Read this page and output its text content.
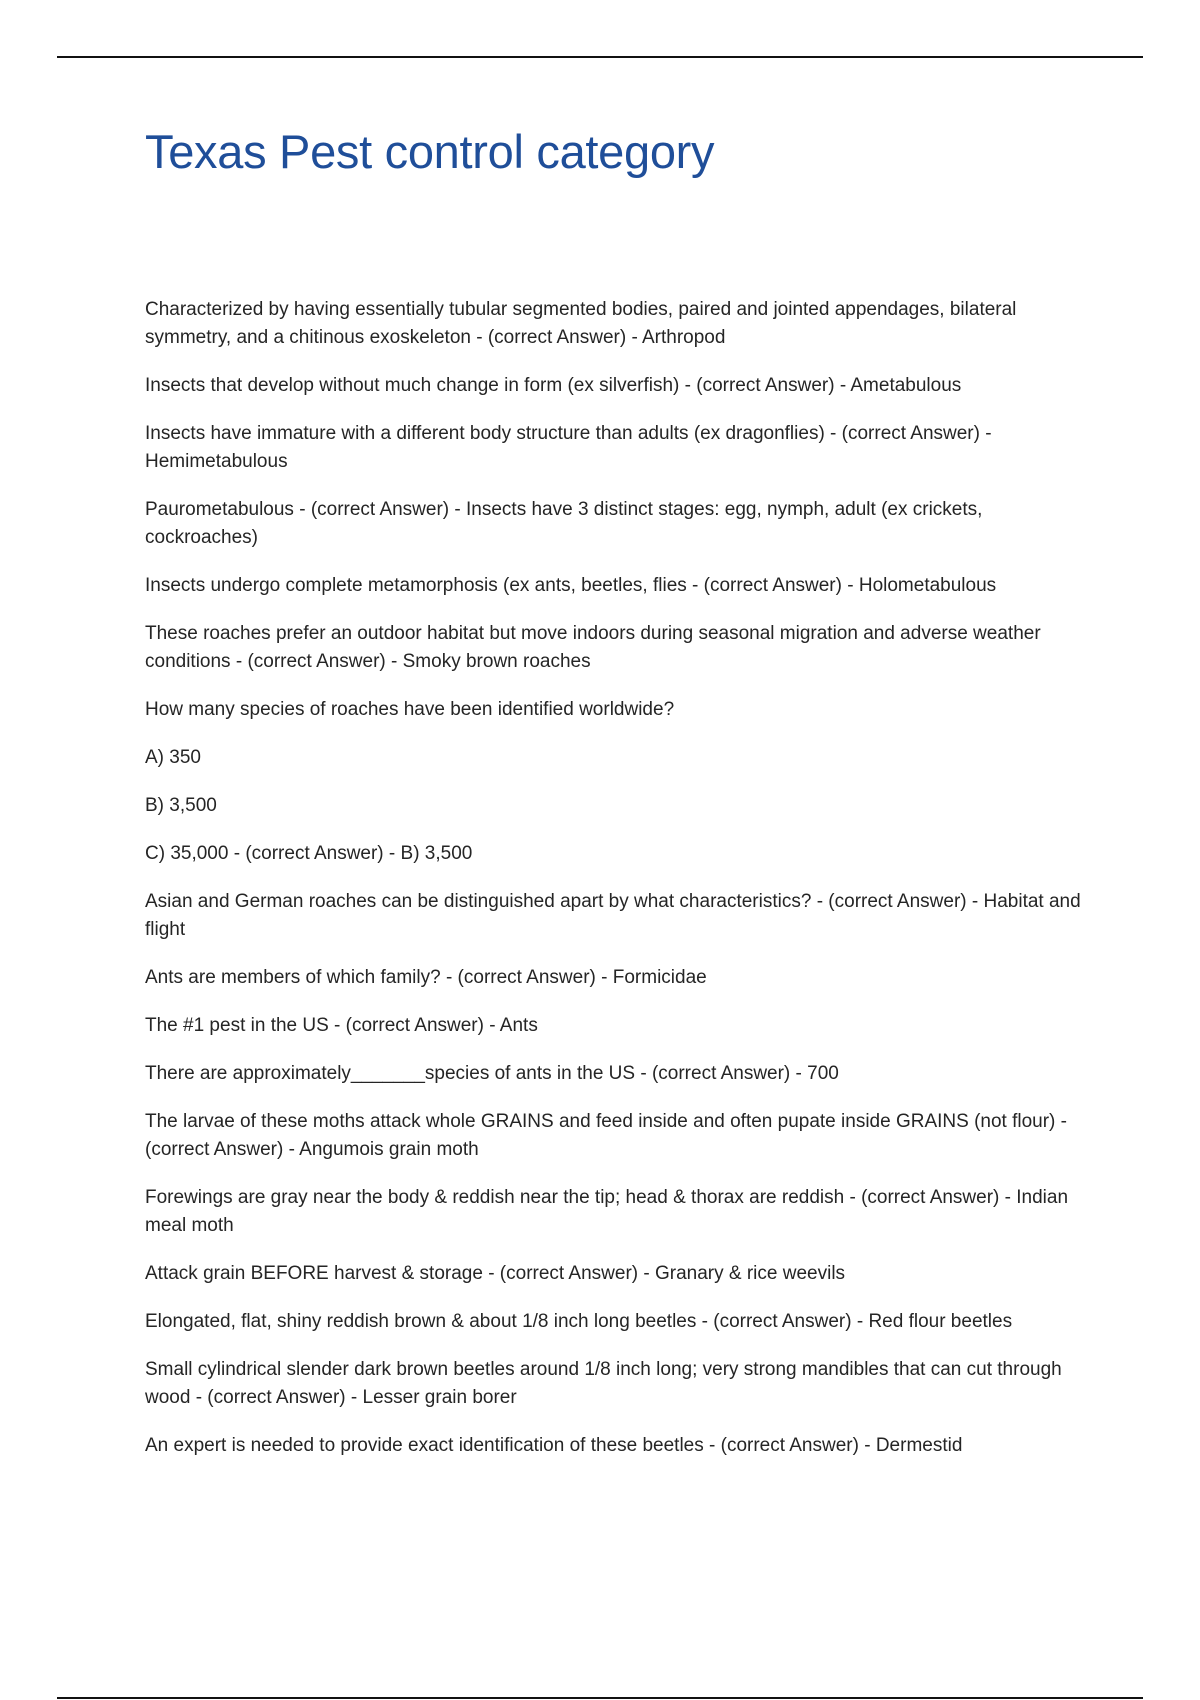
Texas Pest control category

Characterized by having essentially tubular segmented bodies, paired and jointed appendages, bilateral symmetry, and a chitinous exoskeleton - (correct Answer) - Arthropod

Insects that develop without much change in form (ex silverfish) - (correct Answer) - Ametabulous

Insects have immature with a different body structure than adults (ex dragonflies) - (correct Answer) - Hemimetabulous

Paurometabulous - (correct Answer) - Insects have 3 distinct stages: egg, nymph, adult (ex crickets, cockroaches)

Insects undergo complete metamorphosis (ex ants, beetles, flies - (correct Answer) - Holometabulous

These roaches prefer an outdoor habitat but move indoors during seasonal migration and adverse weather conditions - (correct Answer) - Smoky brown roaches

How many species of roaches have been identified worldwide?

A) 350

B) 3,500

C) 35,000 - (correct Answer) - B) 3,500

Asian and German roaches can be distinguished apart by what characteristics? - (correct Answer) - Habitat and flight

Ants are members of which family? - (correct Answer) - Formicidae

The #1 pest in the US - (correct Answer) - Ants

There are approximately_______species of ants in the US - (correct Answer) - 700

The larvae of these moths attack whole GRAINS and feed inside and often pupate inside GRAINS (not flour) - (correct Answer) - Angumois grain moth

Forewings are gray near the body & reddish near the tip; head & thorax are reddish - (correct Answer) - Indian meal moth

Attack grain BEFORE harvest & storage - (correct Answer) - Granary & rice weevils

Elongated, flat, shiny reddish brown & about 1/8 inch long beetles - (correct Answer) - Red flour beetles

Small cylindrical slender dark brown beetles around 1/8 inch long; very strong mandibles that can cut through wood - (correct Answer) - Lesser grain borer

An expert is needed to provide exact identification of these beetles - (correct Answer) - Dermestid
